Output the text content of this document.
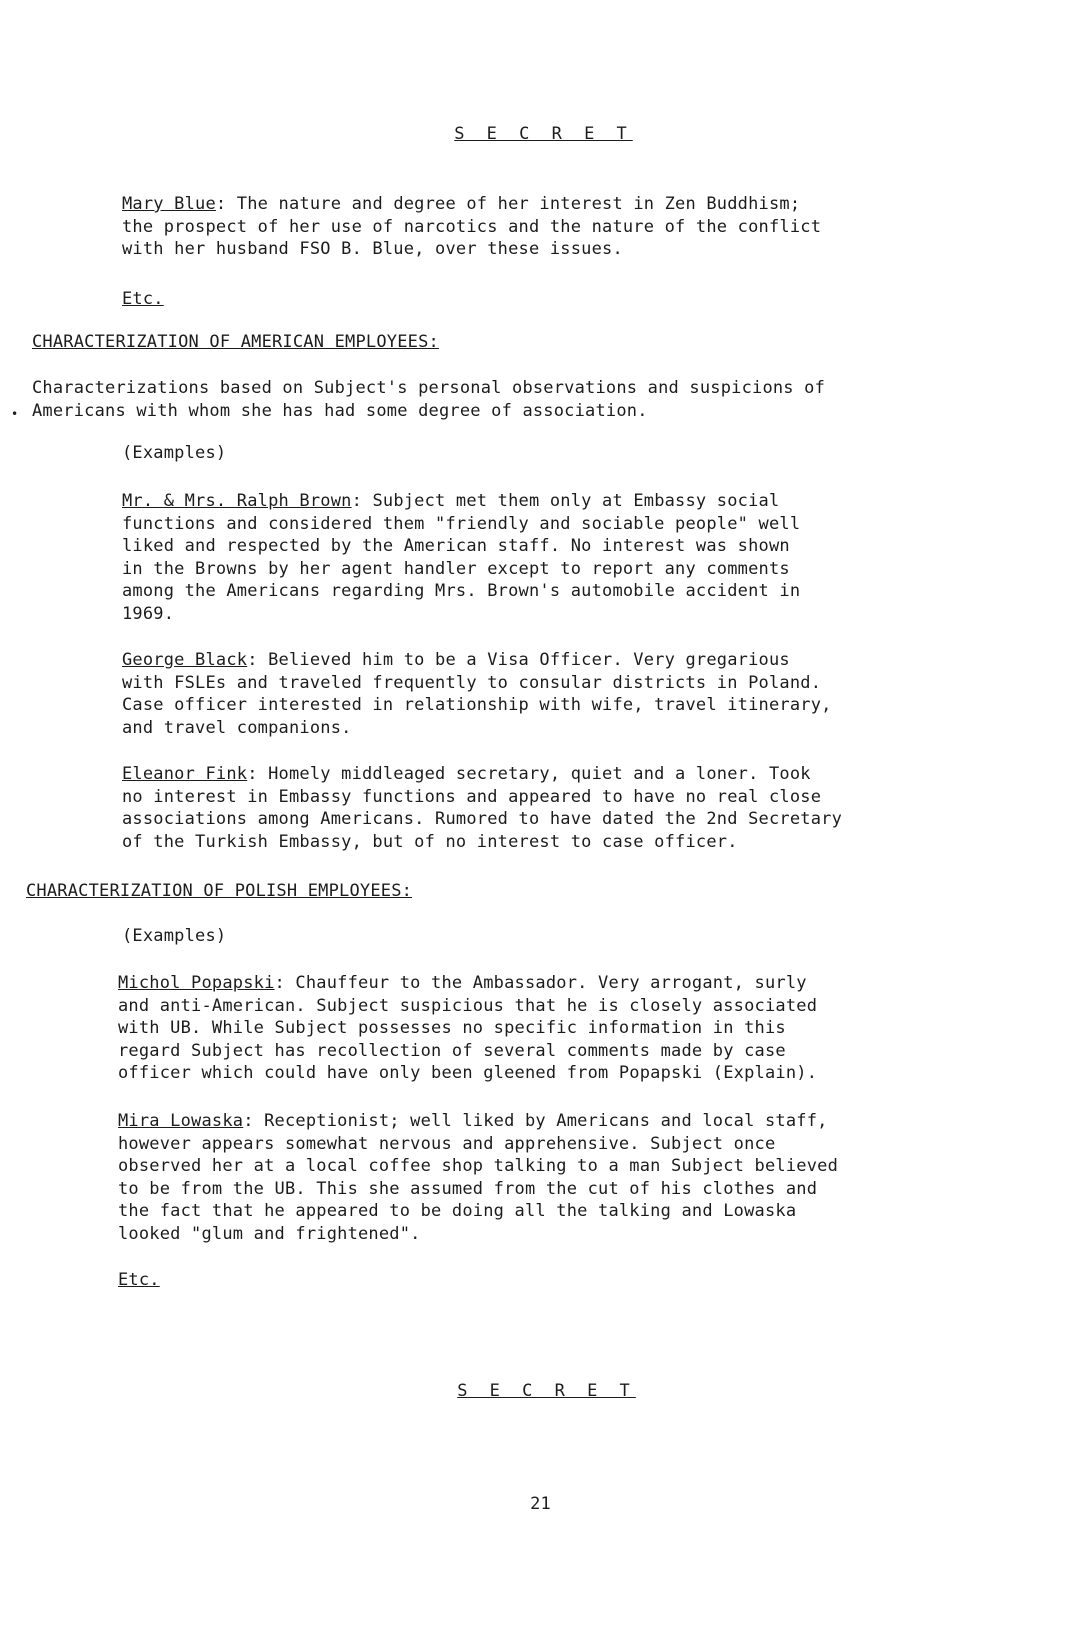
S E C R E T
Mary Blue: The nature and degree of her interest in Zen Buddhism;
the prospect of her use of narcotics and the nature of the conflict
with her husband FSO B. Blue, over these issues.
Etc.
CHARACTERIZATION OF AMERICAN EMPLOYEES:
•
Characterizations based on Subject's personal observations and suspicions of
Americans with whom she has had some degree of association.
(Examples)
Mr. & Mrs. Ralph Brown: Subject met them only at Embassy social
functions and considered them "friendly and sociable people" well
liked and respected by the American staff. No interest was shown
in the Browns by her agent handler except to report any comments
among the Americans regarding Mrs. Brown's automobile accident in
1969.
George Black: Believed him to be a Visa Officer. Very gregarious
with FSLEs and traveled frequently to consular districts in Poland.
Case officer interested in relationship with wife, travel itinerary,
and travel companions.
Eleanor Fink: Homely middleaged secretary, quiet and a loner. Took
no interest in Embassy functions and appeared to have no real close
associations among Americans. Rumored to have dated the 2nd Secretary
of the Turkish Embassy, but of no interest to case officer.
CHARACTERIZATION OF POLISH EMPLOYEES:
(Examples)
Michol Popapski: Chauffeur to the Ambassador. Very arrogant, surly
and anti-American. Subject suspicious that he is closely associated
with UB. While Subject possesses no specific information in this
regard Subject has recollection of several comments made by case
officer which could have only been gleened from Popapski (Explain).
Mira Lowaska: Receptionist; well liked by Americans and local staff,
however appears somewhat nervous and apprehensive. Subject once
observed her at a local coffee shop talking to a man Subject believed
to be from the UB. This she assumed from the cut of his clothes and
the fact that he appeared to be doing all the talking and Lowaska
looked "glum and frightened".
Etc.
S E C R E T
21
